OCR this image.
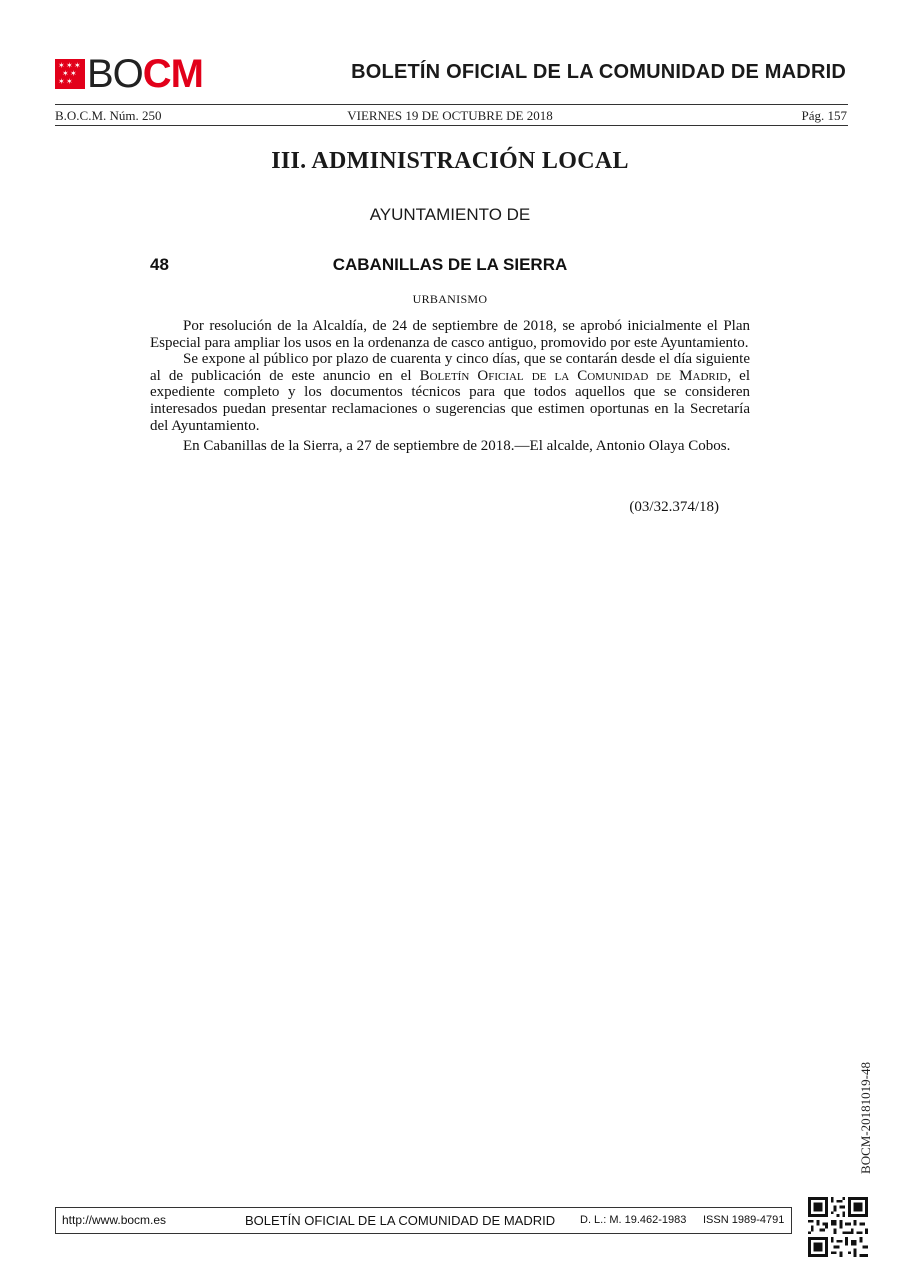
✶ ✶ ✶
✶ ✶
✶ ✶ BOCM	BOLETÍN OFICIAL DE LA COMUNIDAD DE MADRID
B.O.C.M. Núm. 250	VIERNES 19 DE OCTUBRE DE 2018	Pág. 157
III. ADMINISTRACIÓN LOCAL
AYUNTAMIENTO DE
CABANILLAS DE LA SIERRA
48
URBANISMO

Por resolución de la Alcaldía, de 24 de septiembre de 2018, se aprobó inicialmente el Plan Especial para ampliar los usos en la ordenanza de casco antiguo, promovido por este Ayuntamiento.

Se expone al público por plazo de cuarenta y cinco días, que se contarán desde el día siguiente al de publicación de este anuncio en el Boletín Oficial de la Comunidad de Madrid, el expediente completo y los documentos técnicos para que todos aquellos que se consideren interesados puedan presentar reclamaciones o sugerencias que estimen oportunas en la Secretaría del Ayuntamiento.

En Cabanillas de la Sierra, a 27 de septiembre de 2018.—El alcalde, Antonio Olaya Cobos.

(03/32.374/18)
BOCM-20181019-48
http://www.bocm.es	BOLETÍN OFICIAL DE LA COMUNIDAD DE MADRID D. L.: M. 19.462-1983 ISSN 1989-4791
